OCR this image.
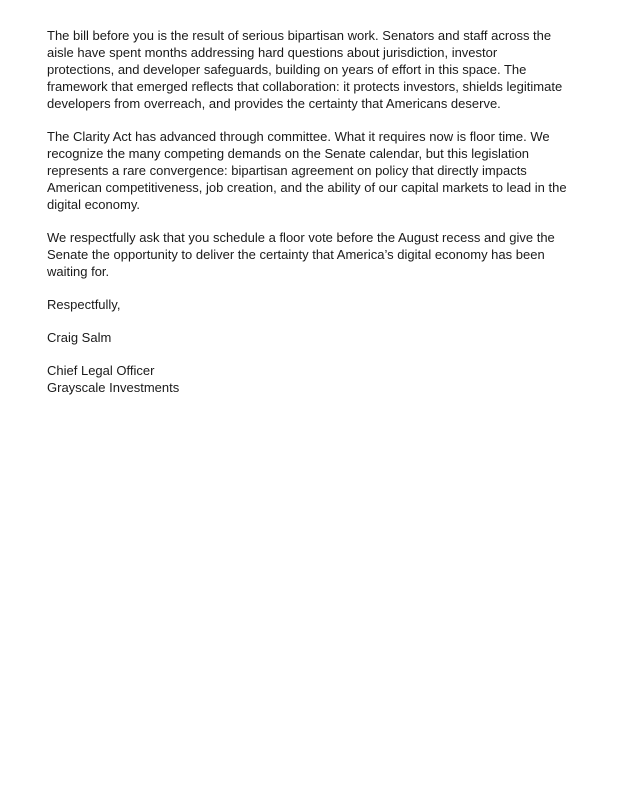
The bill before you is the result of serious bipartisan work. Senators and staff across the
aisle have spent months addressing hard questions about jurisdiction, investor
protections, and developer safeguards, building on years of effort in this space. The
framework that emerged reflects that collaboration: it protects investors, shields legitimate
developers from overreach, and provides the certainty that Americans deserve.
The Clarity Act has advanced through committee. What it requires now is floor time. We
recognize the many competing demands on the Senate calendar, but this legislation
represents a rare convergence: bipartisan agreement on policy that directly impacts
American competitiveness, job creation, and the ability of our capital markets to lead in the
digital economy.
We respectfully ask that you schedule a floor vote before the August recess and give the
Senate the opportunity to deliver the certainty that America’s digital economy has been
waiting for.
Respectfully,
Craig Salm
Chief Legal Officer
Grayscale Investments
